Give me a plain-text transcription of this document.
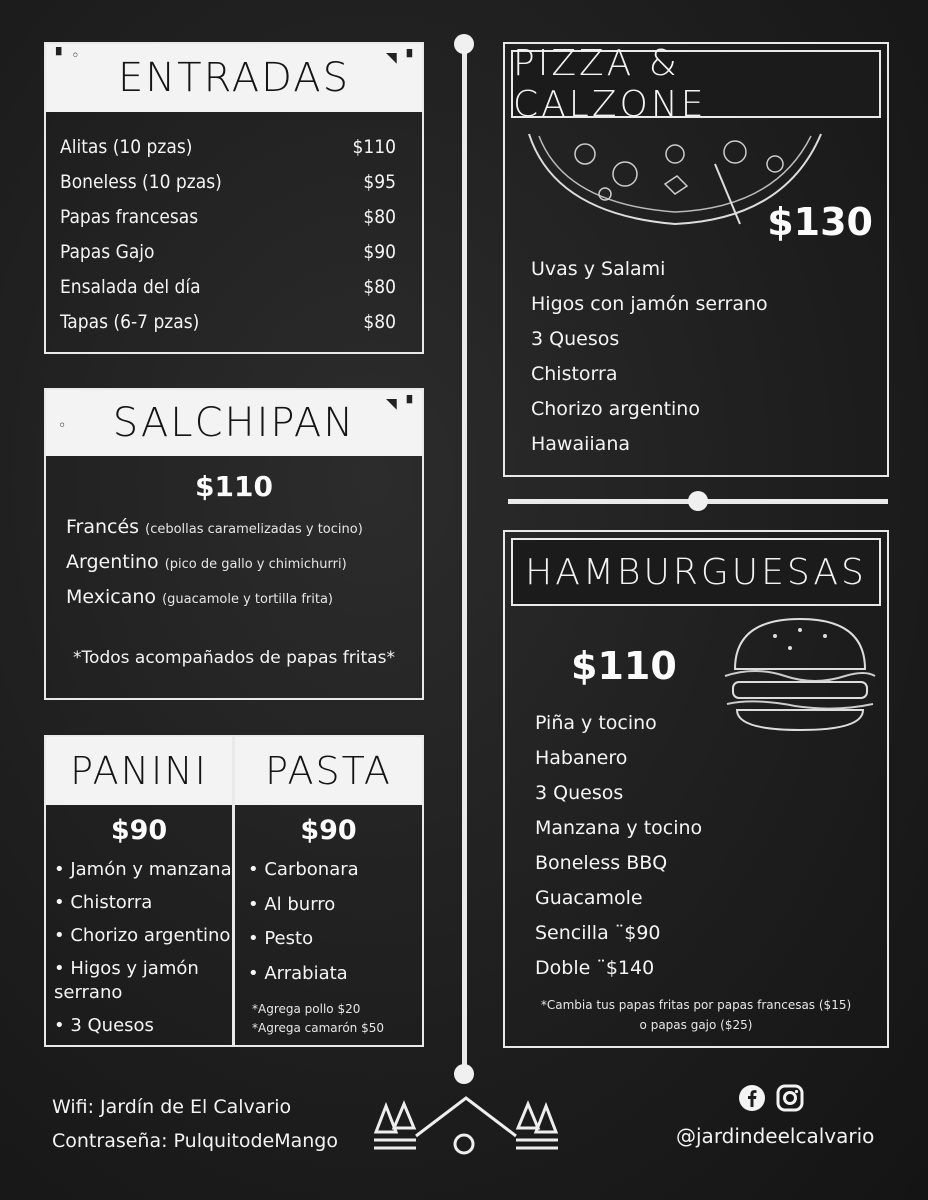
ENTRADAS
▘ ◦	◥ ▝
Alitas (10 pzas)	$110
Boneless (10 pzas)	$95
Papas francesas	$80
Papas Gajo	$90
Ensalada del día	$80
Tapas (6-7 pzas)	$80
SALCHIPAN
◦
◥ ▝
$110
Francés (cebollas caramelizadas y tocino)
Argentino (pico de gallo y chimichurri)
Mexicano (guacamole y tortilla frita)
*Todos acompañados de papas fritas*
PANINI PASTA
$90	$90
• Jamón y manzana
• Chistorra
• Chorizo argentino
• Higos y jamón serrano
• 3 Quesos
• Carbonara
• Al burro
• Pesto
• Arrabiata
*Agrega pollo $20
*Agrega camarón $50
PIZZA & CALZONE
$130
Uvas y Salami
Higos con jamón serrano
3 Quesos
Chistorra
Chorizo argentino
Hawaiiana
HAMBURGUESAS
$110
Piña y tocino
Habanero
3 Quesos
Manzana y tocino
Boneless BBQ
Guacamole
Sencilla ¨$90
Doble ¨$140
*Cambia tus papas fritas por papas francesas ($15)
o papas gajo ($25)
Wifi: Jardín de El Calvario
Contraseña: PulquitodeMango	@jardindeelcalvario
